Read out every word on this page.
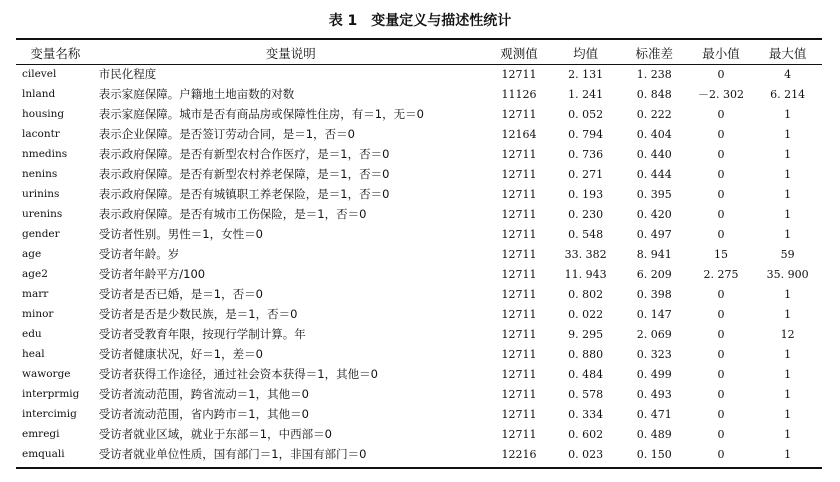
表 1　变量定义与描述性统计
变量名称	变量说明	观测值	均值	标准差	最小值	最大值
cilevel	市民化程度	12711	2. 131	1. 238	0	4
lnland	表示家庭保障。户籍地土地亩数的对数	11126	1. 241	0. 848	－2. 302	6. 214
housing	表示家庭保障。城市是否有商品房或保障性住房，有＝1，无＝0	12711	0. 052	0. 222	0	1
lacontr	表示企业保障。是否签订劳动合同，是＝1，否＝0	12164	0. 794	0. 404	0	1
nmedins	表示政府保障。是否有新型农村合作医疗，是＝1，否＝0	12711	0. 736	0. 440	0	1
nenins	表示政府保障。是否有新型农村养老保障，是＝1，否＝0	12711	0. 271	0. 444	0	1
urinins	表示政府保障。是否有城镇职工养老保险，是＝1，否＝0	12711	0. 193	0. 395	0	1
urenins	表示政府保障。是否有城市工伤保险，是＝1，否＝0	12711	0. 230	0. 420	0	1
gender	受访者性别。男性＝1，女性＝0	12711	0. 548	0. 497	0	1
age	受访者年龄。岁	12711	33. 382	8. 941	15	59
age2	受访者年龄平方/100	12711	11. 943	6. 209	2. 275	35. 900
marr	受访者是否已婚，是＝1，否＝0	12711	0. 802	0. 398	0	1
minor	受访者是否是少数民族，是＝1，否＝0	12711	0. 022	0. 147	0	1
edu	受访者受教育年限，按现行学制计算。年	12711	9. 295	2. 069	0	12
heal	受访者健康状况，好＝1，差＝0	12711	0. 880	0. 323	0	1
waworge	受访者获得工作途径，通过社会资本获得＝1，其他＝0	12711	0. 484	0. 499	0	1
interprmig	受访者流动范围，跨省流动＝1，其他＝0	12711	0. 578	0. 493	0	1
intercimig	受访者流动范围，省内跨市＝1，其他＝0	12711	0. 334	0. 471	0	1
emregi	受访者就业区域，就业于东部＝1，中西部＝0	12711	0. 602	0. 489	0	1
emquali	受访者就业单位性质，国有部门＝1，非国有部门＝0	12216	0. 023	0. 150	0	1
